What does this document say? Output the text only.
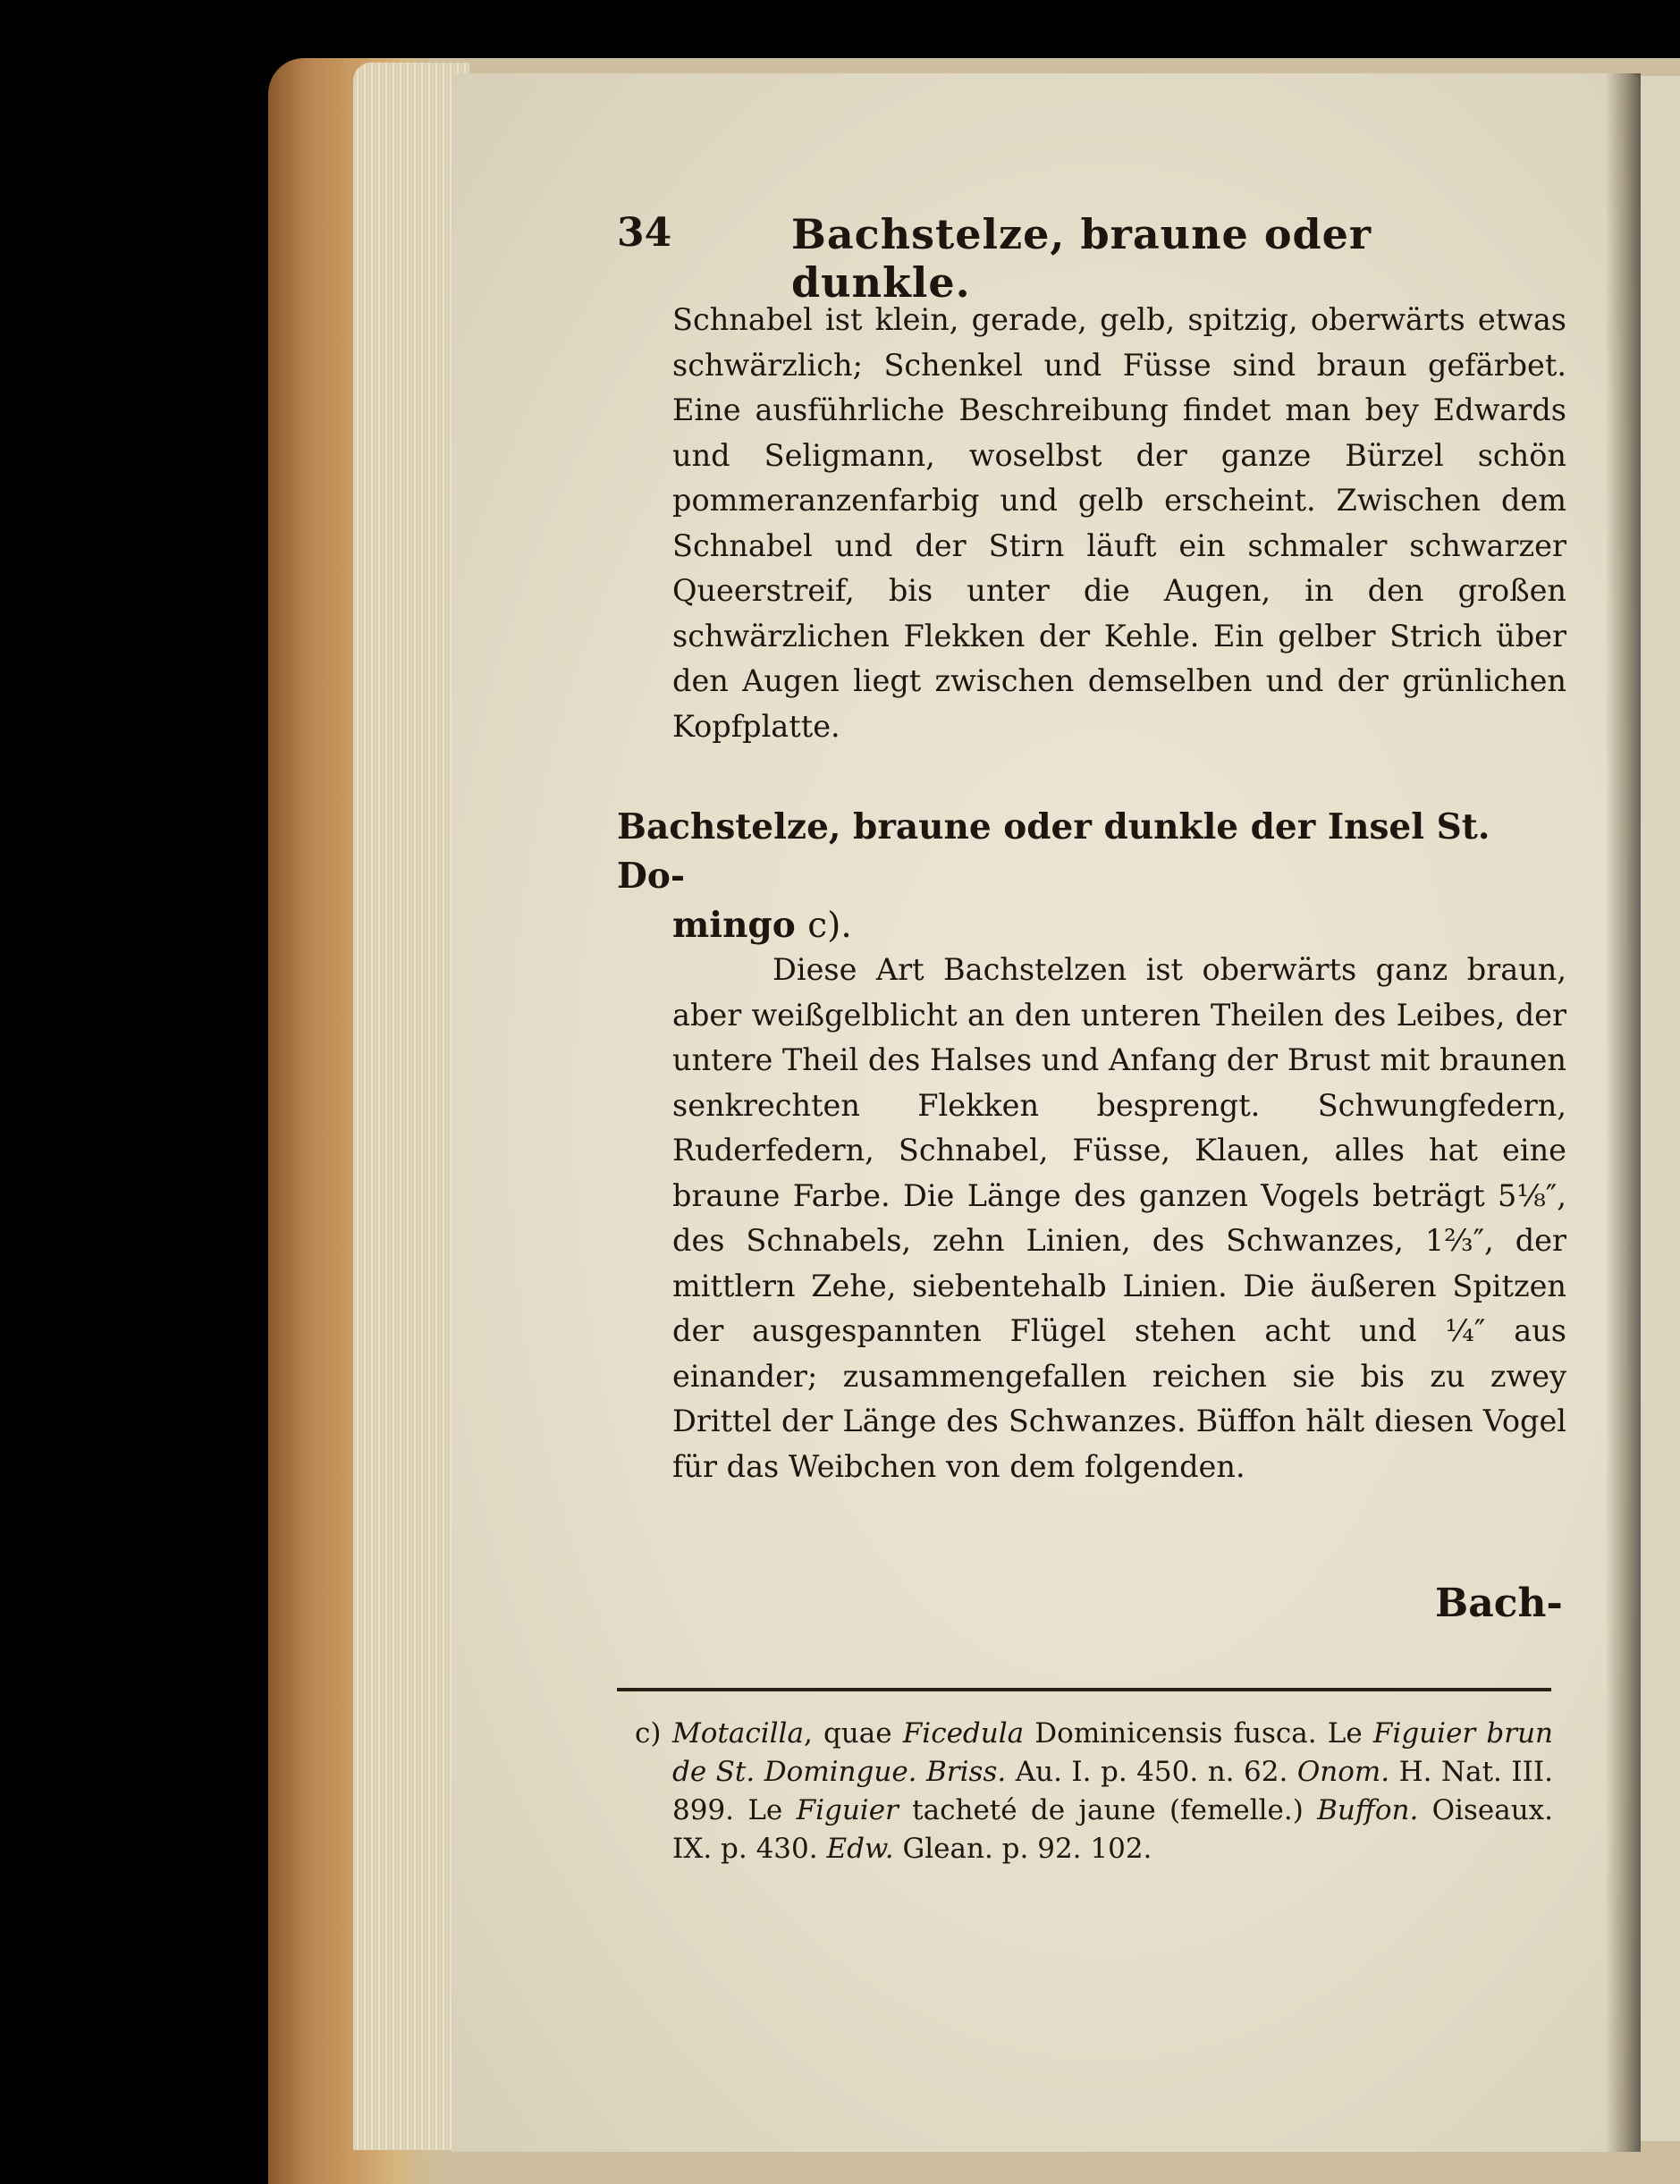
34	Bachstelze, braune oder dunkle.

Schnabel ist klein, gerade, gelb, spitzig, oberwärts etwas schwärzlich; Schenkel und Füsse sind braun gefärbet. Eine ausführliche Beschreibung findet man bey Edwards und Seligmann, woselbst der ganze Bürzel schön pommeranzenfarbig und gelb erscheint. Zwischen dem Schnabel und der Stirn läuft ein schmaler schwarzer Queerstreif, bis unter die Augen, in den großen schwärzlichen Flekken der Kehle. Ein gelber Strich über den Augen liegt zwischen demselben und der grünlichen Kopfplatte.

Bachstelze, braune oder dunkle der Insel St. Do-
mingo c).

Diese Art Bachstelzen ist oberwärts ganz braun, aber weißgelblicht an den unteren Theilen des Leibes, der untere Theil des Halses und Anfang der Brust mit braunen senkrechten Flekken besprengt. Schwungfedern, Ruderfedern, Schnabel, Füsse, Klauen, alles hat eine braune Farbe. Die Länge des ganzen Vogels beträgt 5⅛″, des Schnabels, zehn Linien, des Schwanzes, 1⅔″, der mittlern Zehe, siebentehalb Linien. Die äußeren Spitzen der ausgespannten Flügel stehen acht und ¼″ aus einander; zusammengefallen reichen sie bis zu zwey Drittel der Länge des Schwanzes. Büffon hält diesen Vogel für das Weibchen von dem folgenden.

Bach-

c) Motacilla, quae Ficedula Dominicensis fusca. Le Figuier brun de St. Domingue. Briss. Au. I. p. 450. n. 62. Onom. H. Nat. III. 899. Le Figuier tacheté de jaune (femelle.) Buffon. Oiseaux. IX. p. 430. Edw. Glean. p. 92. 102.
